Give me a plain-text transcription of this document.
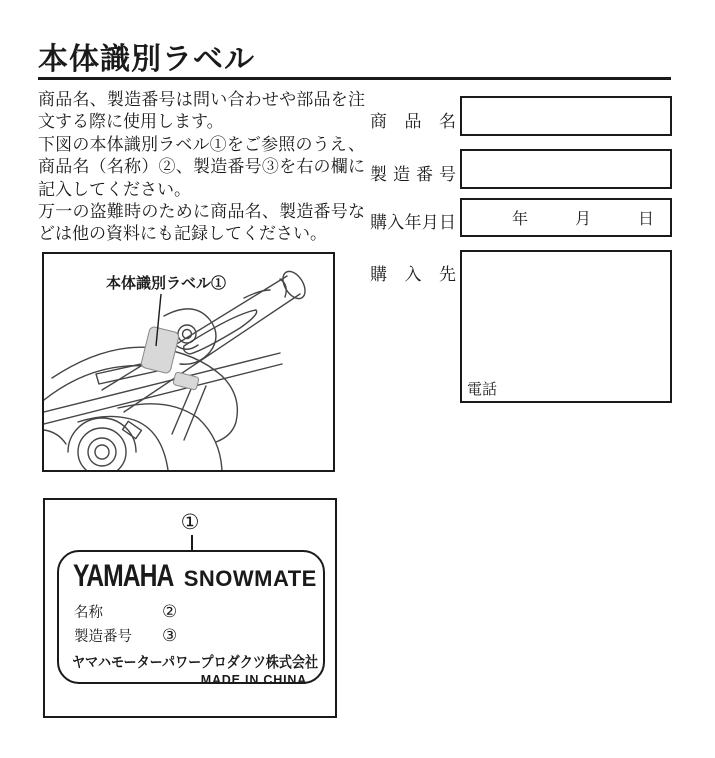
本体識別ラベル

商品名、製造番号は問い合わせや部品を注文する際に使用します。

下図の本体識別ラベル①をご参照のうえ、商品名（名称）②、製造番号③を右の欄に記入してください。

万一の盗難時のために商品名、製造番号などは他の資料にも記録してください。

商品名
製造番号
購入年月日	年	月	日
購入先
電話
本体識別ラベル①
①
YAMAHA SNOWMATE
名称	②
製造番号	③
ヤマハモーターパワープロダクツ株式会社
MADE IN CHINA
